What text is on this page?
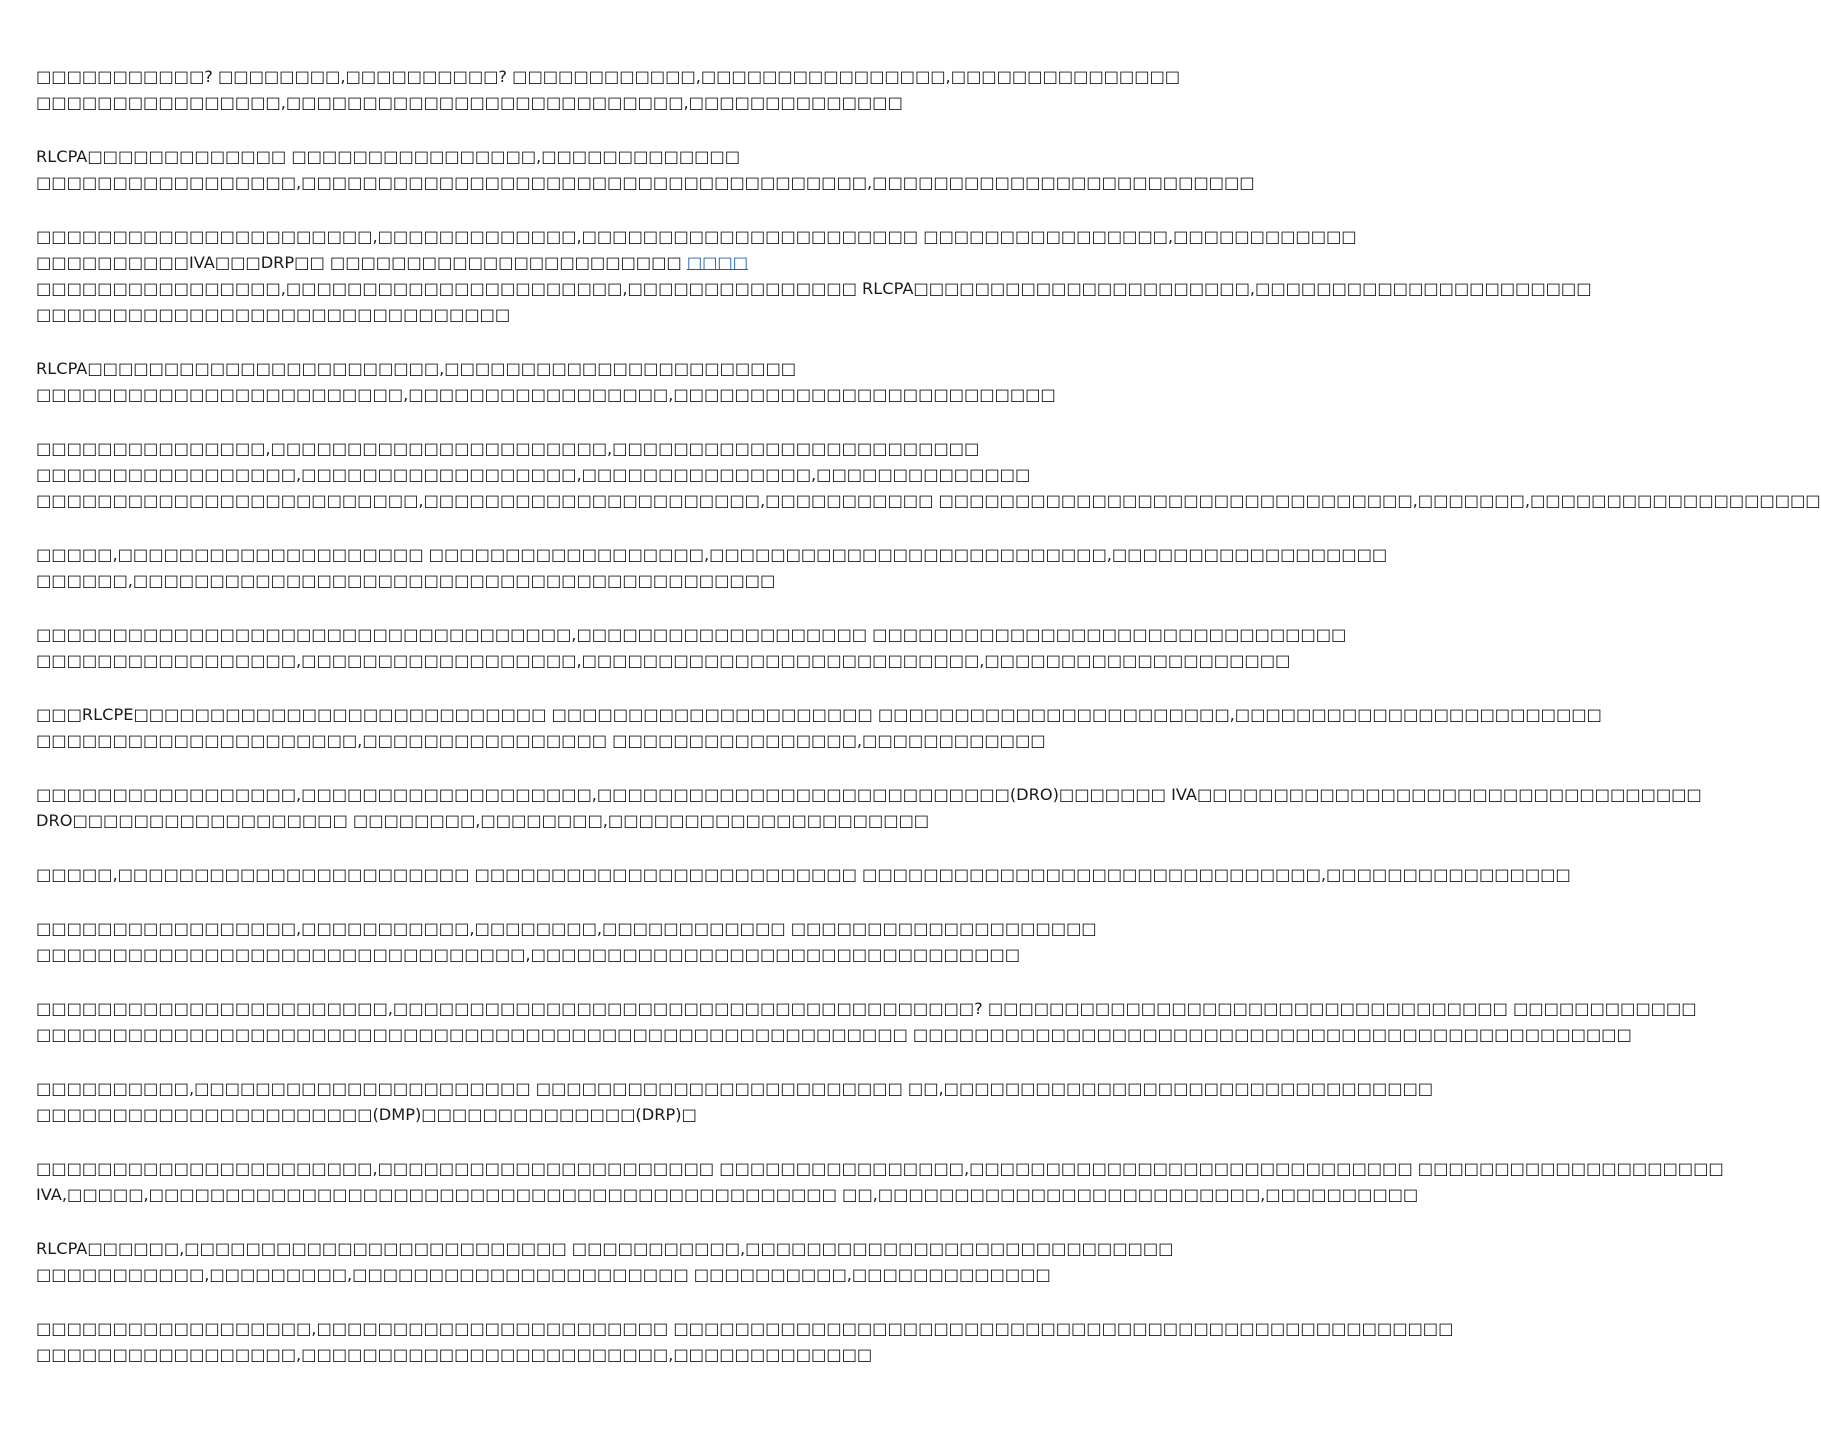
□□□□□□□□□□□? □□□□□□□□,□□□□□□□□□□? □□□□□□□□□□□□,□□□□□□□□□□□□□□□□,□□□□□□□□□□□□□□□
□□□□□□□□□□□□□□□□,□□□□□□□□□□□□□□□□□□□□□□□□□□,□□□□□□□□□□□□□□

RLCPA□□□□□□□□□□□□□ □□□□□□□□□□□□□□□□,□□□□□□□□□□□□□
□□□□□□□□□□□□□□□□□,□□□□□□□□□□□□□□□□□□□□□□□□□□□□□□□□□□□□□,□□□□□□□□□□□□□□□□□□□□□□□□□

□□□□□□□□□□□□□□□□□□□□□□,□□□□□□□□□□□□□,□□□□□□□□□□□□□□□□□□□□□□ □□□□□□□□□□□□□□□□,□□□□□□□□□□□□
□□□□□□□□□□IVA□□□DRP□□ □□□□□□□□□□□□□□□□□□□□□□□ □□□□
□□□□□□□□□□□□□□□□,□□□□□□□□□□□□□□□□□□□□□□,□□□□□□□□□□□□□□□ RLCPA□□□□□□□□□□□□□□□□□□□□□□,□□□□□□□□□□□□□□□□□□□□□□
□□□□□□□□□□□□□□□□□□□□□□□□□□□□□□□

RLCPA□□□□□□□□□□□□□□□□□□□□□□□,□□□□□□□□□□□□□□□□□□□□□□□
□□□□□□□□□□□□□□□□□□□□□□□□,□□□□□□□□□□□□□□□□□,□□□□□□□□□□□□□□□□□□□□□□□□□

□□□□□□□□□□□□□□□,□□□□□□□□□□□□□□□□□□□□□□,□□□□□□□□□□□□□□□□□□□□□□□□
□□□□□□□□□□□□□□□□□,□□□□□□□□□□□□□□□□□□,□□□□□□□□□□□□□□□,□□□□□□□□□□□□□□
□□□□□□□□□□□□□□□□□□□□□□□□□,□□□□□□□□□□□□□□□□□□□□□□,□□□□□□□□□□□ □□□□□□□□□□□□□□□□□□□□□□□□□□□□□□□,□□□□□□□,□□□□□□□□□□□□□□□□□□□

□□□□□,□□□□□□□□□□□□□□□□□□□□ □□□□□□□□□□□□□□□□□□,□□□□□□□□□□□□□□□□□□□□□□□□□□,□□□□□□□□□□□□□□□□□□
□□□□□□,□□□□□□□□□□□□□□□□□□□□□□□□□□□□□□□□□□□□□□□□□□

□□□□□□□□□□□□□□□□□□□□□□□□□□□□□□□□□□□,□□□□□□□□□□□□□□□□□□□ □□□□□□□□□□□□□□□□□□□□□□□□□□□□□□□
□□□□□□□□□□□□□□□□□,□□□□□□□□□□□□□□□□□□,□□□□□□□□□□□□□□□□□□□□□□□□□□,□□□□□□□□□□□□□□□□□□□□

□□□RLCPE□□□□□□□□□□□□□□□□□□□□□□□□□□□ □□□□□□□□□□□□□□□□□□□□□ □□□□□□□□□□□□□□□□□□□□□□□,□□□□□□□□□□□□□□□□□□□□□□□□
□□□□□□□□□□□□□□□□□□□□□,□□□□□□□□□□□□□□□□ □□□□□□□□□□□□□□□□,□□□□□□□□□□□□

□□□□□□□□□□□□□□□□□,□□□□□□□□□□□□□□□□□□□,□□□□□□□□□□□□□□□□□□□□□□□□□□□(DRO)□□□□□□□ IVA□□□□□□□□□□□□□□□□□□□□□□□□□□□□□□□□□
DRO□□□□□□□□□□□□□□□□□□ □□□□□□□□,□□□□□□□□,□□□□□□□□□□□□□□□□□□□□□

□□□□□,□□□□□□□□□□□□□□□□□□□□□□□ □□□□□□□□□□□□□□□□□□□□□□□□□ □□□□□□□□□□□□□□□□□□□□□□□□□□□□□□,□□□□□□□□□□□□□□□□

□□□□□□□□□□□□□□□□□,□□□□□□□□□□□,□□□□□□□□,□□□□□□□□□□□□ □□□□□□□□□□□□□□□□□□□□
□□□□□□□□□□□□□□□□□□□□□□□□□□□□□□□□,□□□□□□□□□□□□□□□□□□□□□□□□□□□□□□□□

□□□□□□□□□□□□□□□□□□□□□□□,□□□□□□□□□□□□□□□□□□□□□□□□□□□□□□□□□□□□□□? □□□□□□□□□□□□□□□□□□□□□□□□□□□□□□□□□□ □□□□□□□□□□□□
□□□□□□□□□□□□□□□□□□□□□□□□□□□□□□□□□□□□□□□□□□□□□□□□□□□□□□□□□ □□□□□□□□□□□□□□□□□□□□□□□□□□□□□□□□□□□□□□□□□□□□□□□

□□□□□□□□□□,□□□□□□□□□□□□□□□□□□□□□□ □□□□□□□□□□□□□□□□□□□□□□□□ □□,□□□□□□□□□□□□□□□□□□□□□□□□□□□□□□□□
□□□□□□□□□□□□□□□□□□□□□□(DMP)□□□□□□□□□□□□□□(DRP)□

□□□□□□□□□□□□□□□□□□□□□□,□□□□□□□□□□□□□□□□□□□□□□ □□□□□□□□□□□□□□□□,□□□□□□□□□□□□□□□□□□□□□□□□□□□□□ □□□□□□□□□□□□□□□□□□□□
IVA,□□□□□,□□□□□□□□□□□□□□□□□□□□□□□□□□□□□□□□□□□□□□□□□□□□□ □□,□□□□□□□□□□□□□□□□□□□□□□□□□,□□□□□□□□□□

RLCPA□□□□□□,□□□□□□□□□□□□□□□□□□□□□□□□□ □□□□□□□□□□□,□□□□□□□□□□□□□□□□□□□□□□□□□□□□
□□□□□□□□□□□,□□□□□□□□□,□□□□□□□□□□□□□□□□□□□□□□ □□□□□□□□□□,□□□□□□□□□□□□□

□□□□□□□□□□□□□□□□□□,□□□□□□□□□□□□□□□□□□□□□□□ □□□□□□□□□□□□□□□□□□□□□□□□□□□□□□□□□□□□□□□□□□□□□□□□□□□
□□□□□□□□□□□□□□□□□,□□□□□□□□□□□□□□□□□□□□□□□□,□□□□□□□□□□□□□
